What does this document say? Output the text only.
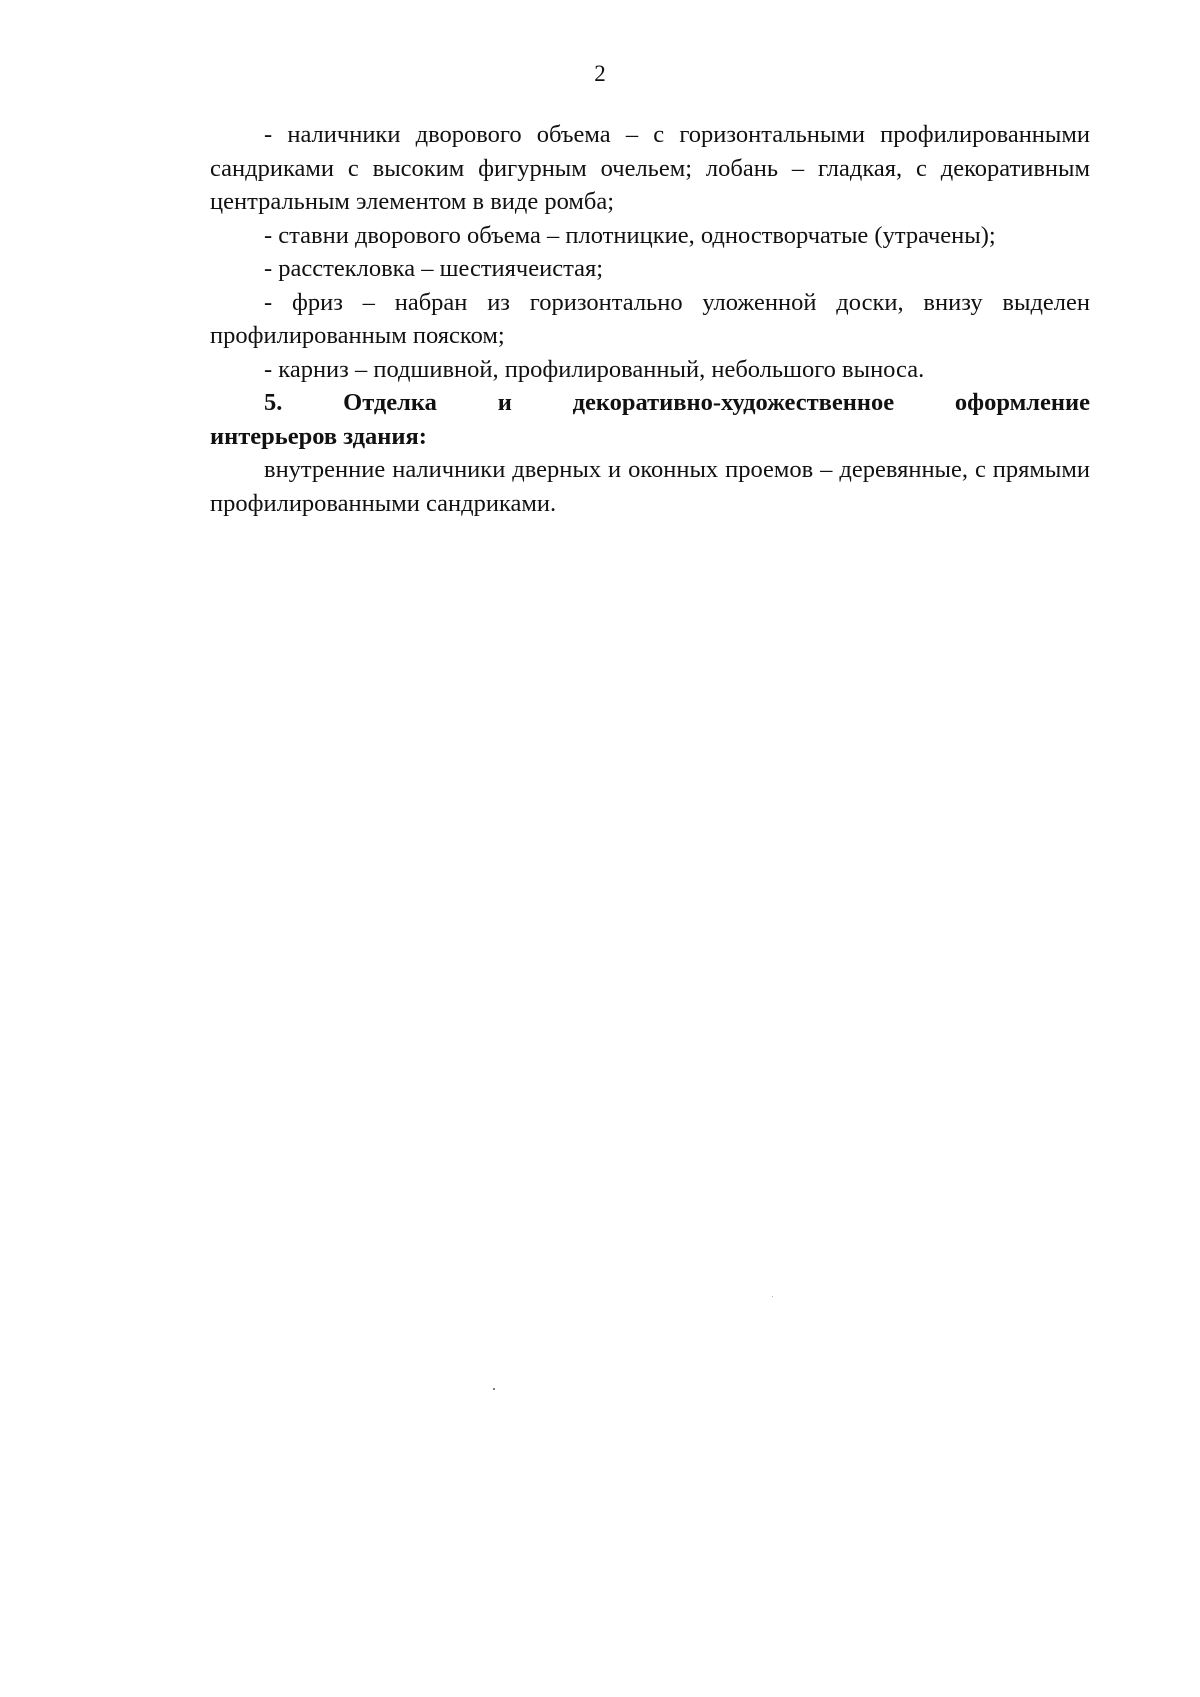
2

- наличники дворового объема – с горизонтальными профилированными сандриками с высоким фигурным очельем; лобань – гладкая, с декоративным центральным элементом в виде ромба;

- ставни дворового объема – плотницкие, одностворчатые (утрачены);

- расстекловка – шестиячеистая;

- фриз – набран из горизонтально уложенной доски, внизу выделен профилированным пояском;

- карниз – подшивной, профилированный, небольшого выноса.

5. Отделка и декоративно-художественное оформление
интерьеров здания:

внутренние наличники дверных и оконных проемов – деревянные, с прямыми профилированными сандриками.
